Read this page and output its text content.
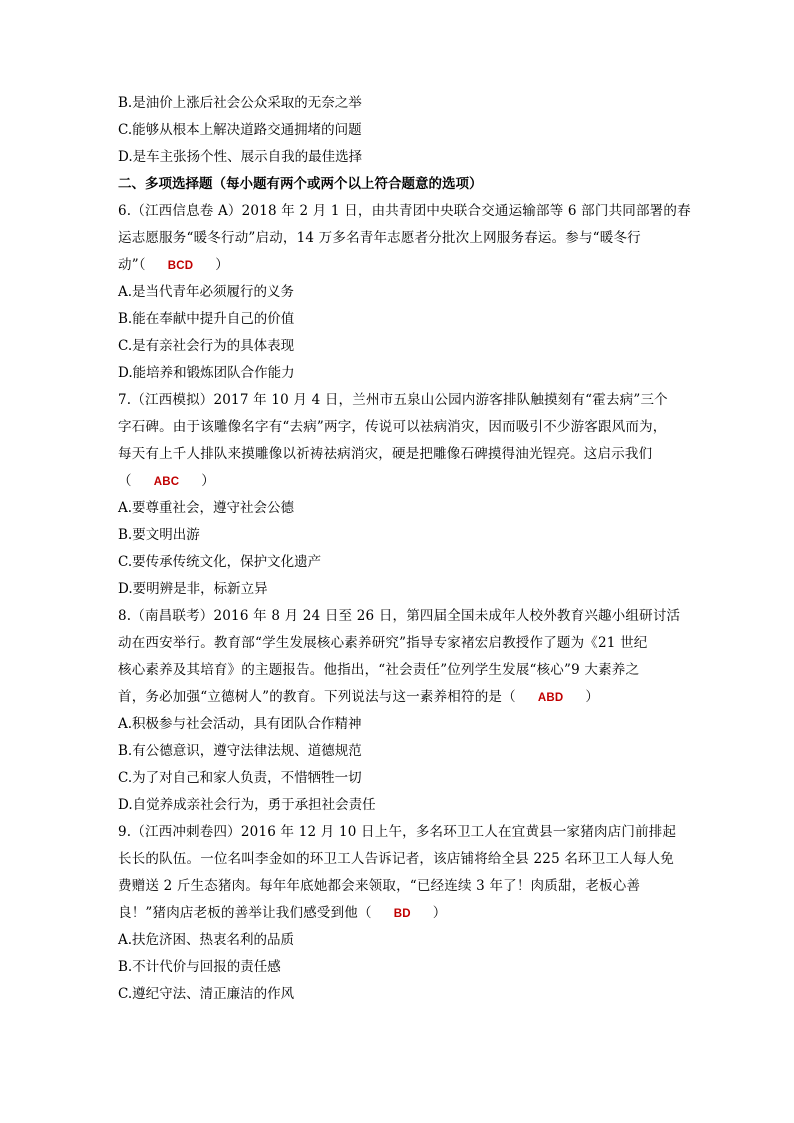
B.是油价上涨后社会公众采取的无奈之举
C.能够从根本上解决道路交通拥堵的问题
D.是车主张扬个性、展示自我的最佳选择
二、多项选择题（每小题有两个或两个以上符合题意的选项）
6.（江西信息卷 A）2018 年 2 月 1 日，由共青团中央联合交通运输部等 6 部门共同部署的春
运志愿服务“暖冬行动”启动，14 万多名青年志愿者分批次上网服务春运。参与“暖冬行
动”（ BCD ）
A.是当代青年必须履行的义务
B.能在奉献中提升自己的价值
C.是有亲社会行为的具体表现
D.能培养和锻炼团队合作能力
7.（江西模拟）2017 年 10 月 4 日，兰州市五泉山公园内游客排队触摸刻有“霍去病”三个
字石碑。由于该雕像名字有“去病”两字，传说可以祛病消灾，因而吸引不少游客跟风而为，
每天有上千人排队来摸雕像以祈祷祛病消灾，硬是把雕像石碑摸得油光锃亮。这启示我们
（ ABC ）
A.要尊重社会，遵守社会公德
B.要文明出游
C.要传承传统文化，保护文化遗产
D.要明辨是非，标新立异
8.（南昌联考）2016 年 8 月 24 日至 26 日，第四届全国未成年人校外教育兴趣小组研讨活
动在西安举行。教育部“学生发展核心素养研究”指导专家褚宏启教授作了题为《21 世纪
核心素养及其培育》的主题报告。他指出，“社会责任”位列学生发展“核心”9 大素养之
首，务必加强“立德树人”的教育。下列说法与这一素养相符的是（ ABD ）
A.积极参与社会活动，具有团队合作精神
B.有公德意识，遵守法律法规、道德规范
C.为了对自己和家人负责，不惜牺牲一切
D.自觉养成亲社会行为，勇于承担社会责任
9.（江西冲刺卷四）2016 年 12 月 10 日上午，多名环卫工人在宜黄县一家猪肉店门前排起
长长的队伍。一位名叫李金如的环卫工人告诉记者，该店铺将给全县 225 名环卫工人每人免
费赠送 2 斤生态猪肉。每年年底她都会来领取，“已经连续 3 年了！肉质甜，老板心善
良！”猪肉店老板的善举让我们感受到他（ BD ）
A.扶危济困、热衷名利的品质
B.不计代价与回报的责任感
C.遵纪守法、清正廉洁的作风
